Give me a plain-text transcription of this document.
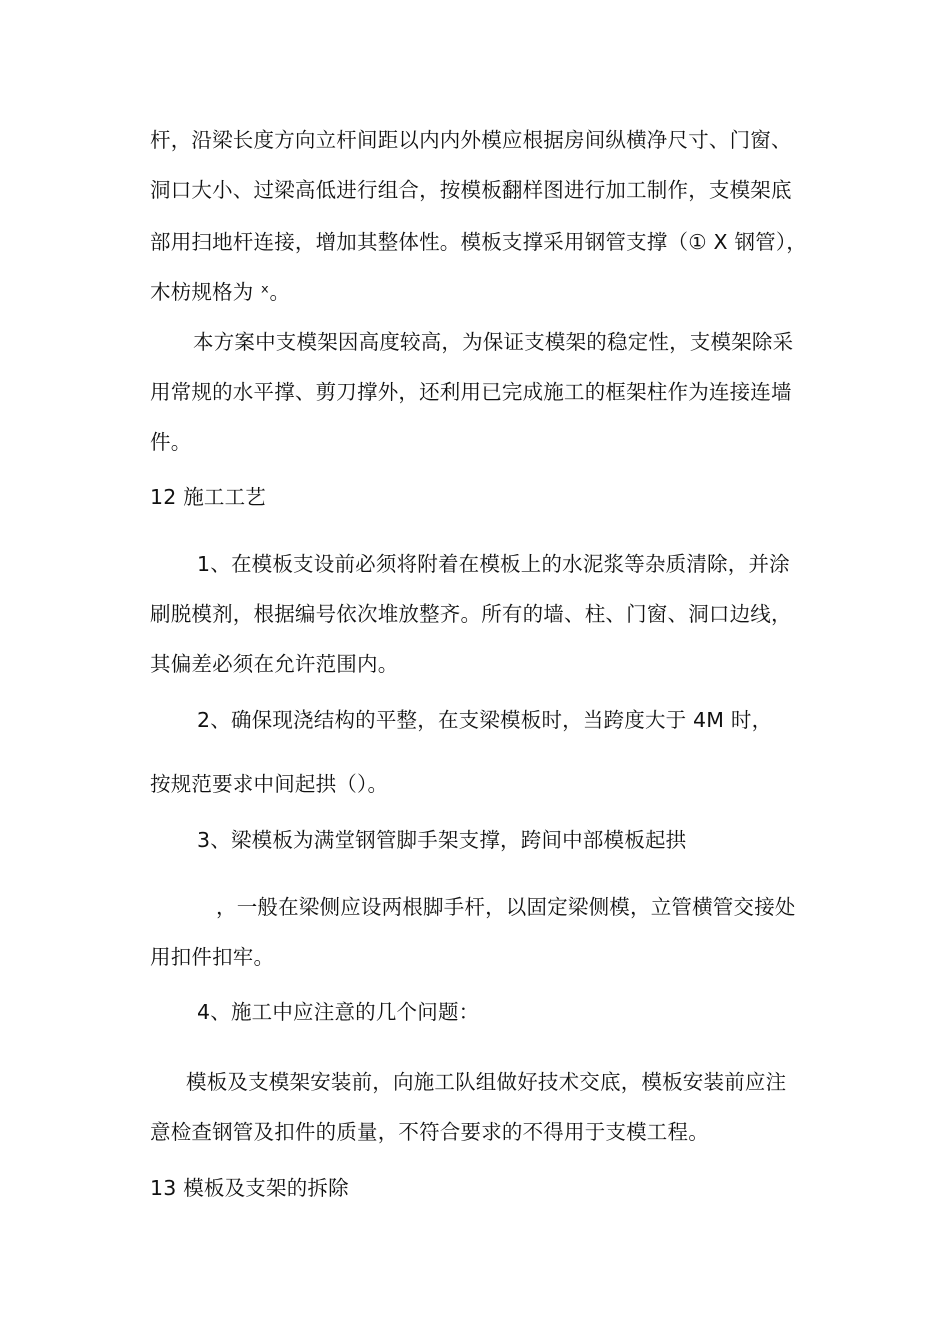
杆，沿梁长度方向立杆间距以内内外模应根据房间纵横净尺寸、门窗、
洞口大小、过梁高低进行组合，按模板翻样图进行加工制作，支模架底
部用扫地杆连接，增加其整体性。模板支撑采用钢管支撑（① X 钢管），
木枋规格为 ˣ。
本方案中支模架因高度较高，为保证支模架的稳定性，支模架除采
用常规的水平撑、剪刀撑外，还利用已完成施工的框架柱作为连接连墙
件。
12 施工工艺
1、在模板支设前必须将附着在模板上的水泥浆等杂质清除，并涂
刷脱模剂，根据编号依次堆放整齐。所有的墙、柱、门窗、洞口边线，
其偏差必须在允许范围内。
2、确保现浇结构的平整，在支梁模板时，当跨度大于 4M 时，
按规范要求中间起拱（）。
3、梁模板为满堂钢管脚手架支撑，跨间中部模板起拱
，一般在梁侧应设两根脚手杆，以固定梁侧模，立管横管交接处
用扣件扣牢。
4、施工中应注意的几个问题：
模板及支模架安装前，向施工队组做好技术交底，模板安装前应注
意检查钢管及扣件的质量，不符合要求的不得用于支模工程。
13 模板及支架的拆除
